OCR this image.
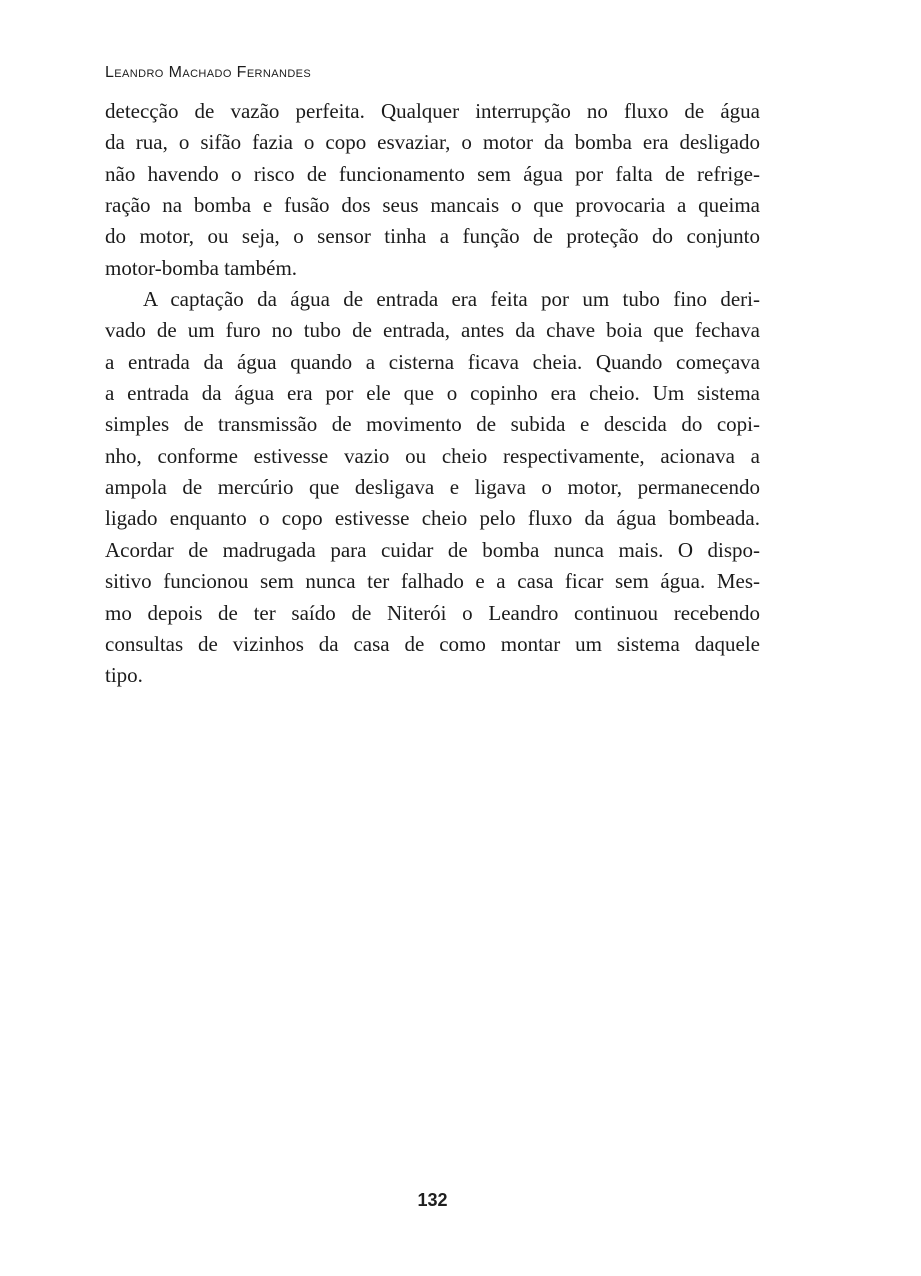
Leandro Machado Fernandes
detecção de vazão perfeita. Qualquer interrupção no fluxo de água
da rua, o sifão fazia o copo esvaziar, o motor da bomba era desligado
não havendo o risco de funcionamento sem água por falta de refrige-
ração na bomba e fusão dos seus mancais o que provocaria a queima
do motor, ou seja, o sensor tinha a função de proteção do conjunto
motor-bomba também.
A captação da água de entrada era feita por um tubo fino deri-
vado de um furo no tubo de entrada, antes da chave boia que fechava
a entrada da água quando a cisterna ficava cheia. Quando começava
a entrada da água era por ele que o copinho era cheio. Um sistema
simples de transmissão de movimento de subida e descida do copi-
nho, conforme estivesse vazio ou cheio respectivamente, acionava a
ampola de mercúrio que desligava e ligava o motor, permanecendo
ligado enquanto o copo estivesse cheio pelo fluxo da água bombeada.
Acordar de madrugada para cuidar de bomba nunca mais. O dispo-
sitivo funcionou sem nunca ter falhado e a casa ficar sem água. Mes-
mo depois de ter saído de Niterói o Leandro continuou recebendo
consultas de vizinhos da casa de como montar um sistema daquele
tipo.
132
